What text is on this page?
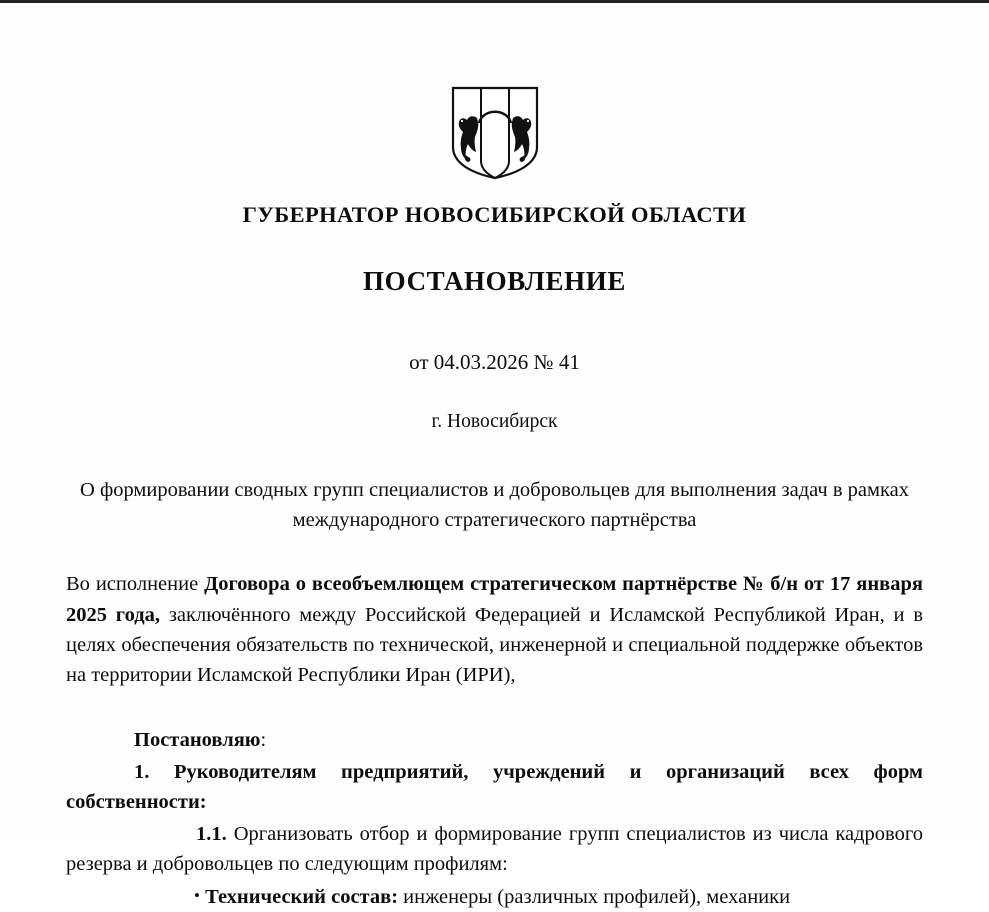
ГУБЕРНАТОР НОВОСИБИРСКОЙ ОБЛАСТИ
ПОСТАНОВЛЕНИЕ
от 04.03.2026 № 41
г. Новосибирск
О формировании сводных групп специалистов и добровольцев для выполнения задач в рамках международного стратегического партнёрства
Во исполнение Договора о всеобъемлющем стратегическом партнёрстве № б/н от 17 января 2025 года, заключённого между Российской Федерацией и Исламской Республикой Иран, и в целях обеспечения обязательств по технической, инженерной и специальной поддержке объектов на территории Исламской Республики Иран (ИРИ),
Постановляю:
1. Руководителям предприятий, учреждений и организаций всех форм собственности:
1.1. Организовать отбор и формирование групп специалистов из числа кадрового резерва и добровольцев по следующим профилям:
• Технический состав: инженеры (различных профилей), механики
